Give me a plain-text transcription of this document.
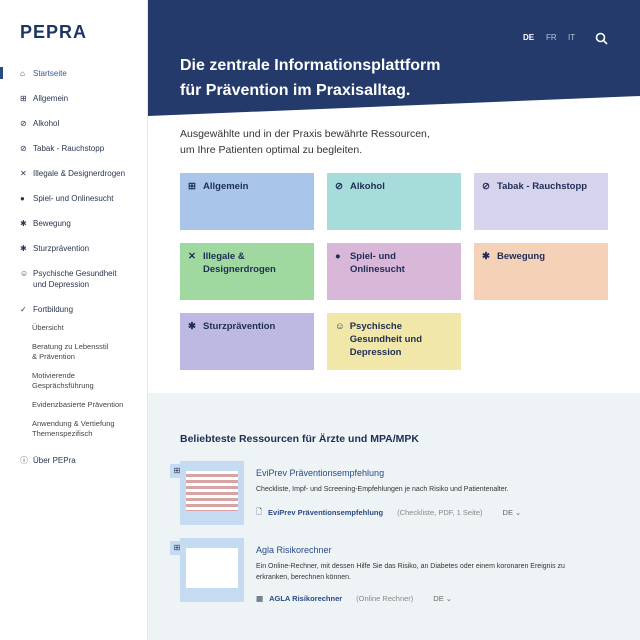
PEPRA
⌂	Startseite
⊞ Allgemein
⊘ Alkohol
⊘ Tabak - Rauchstopp
✕ Illegale & Designerdrogen
●	Spiel- und Onlinesucht
✱ Bewegung
✱ Sturzprävention
☺ Psychische Gesundheit
und Depression
✓ Fortbildung
Übersicht
Beratung zu Lebensstil
& Prävention
Motivierende
Gesprächsführung
Evidenzbasierte Prävention
Anwendung & Vertiefung
Themenspezifisch
ⓘ Über PEPra
DE FR IT
Die zentrale Informationsplattform
für Prävention im Praxisalltag.
Ausgewählte und in der Praxis bewährte Ressourcen,
um Ihre Patienten optimal zu begleiten.
⊞ Allgemein	⊘ Alkohol	⊘ Tabak - Rauchstopp
✕ Illegale & Designerdrogen
● Spiel- und Onlinesucht
✱ Bewegung
✱ Sturzprävention	☺ Psychische Gesundheit und Depression
Beliebteste Ressourcen für Ärzte und MPA/MPK
⊞	EviPrev Präventionsempfehlung
Checkliste, Impf- und Screening-Empfehlungen je nach Risiko und Patientenalter.
🗋 EviPrev Präventionsempfehlung (Checkliste, PDF, 1 Seite)	DE ⌄
⊞	Agla Risikorechner
Ein Online-Rechner, mit dessen Hilfe Sie das Risiko, an Diabetes oder einem koronaren Ereignis zu erkranken, berechnen können.
▦ AGLA Risikorechner (Online Rechner)	DE ⌄
